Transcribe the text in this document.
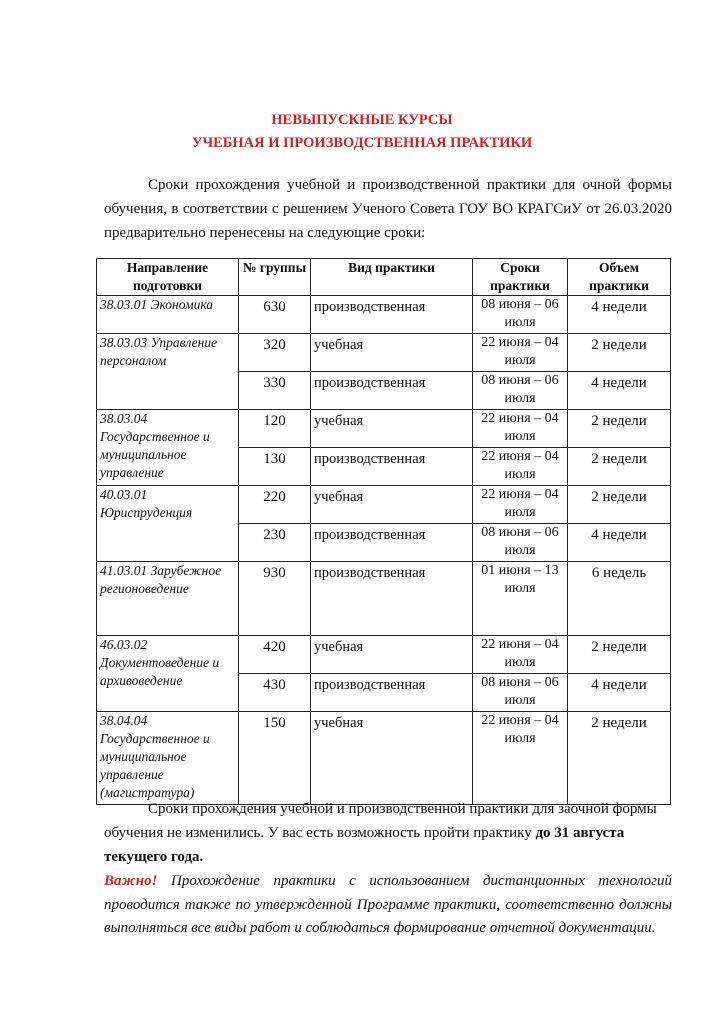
НЕВЫПУСКНЫЕ КУРСЫ
УЧЕБНАЯ И ПРОИЗВОДСТВЕННАЯ ПРАКТИКИ

Сроки прохождения учебной и производственной практики для очной формы обучения, в соответствии с решением Ученого Совета ГОУ ВО КРАГСиУ от 26.03.2020 предварительно перенесены на следующие сроки:

Направление подготовки	№ группы	Вид практики	Сроки практики	Объем практики
38.03.01 Экономика	630	производственная	08 июня – 06 июля	4 недели
38.03.03 Управление персоналом	320	учебная	22 июня – 04 июля	2 недели
	330	производственная	08 июня – 06 июля	4 недели
38.03.04 Государственное и муниципальное управление	120	учебная	22 июня – 04 июля	2 недели
	130	производственная	22 июня – 04 июля	2 недели
40.03.01 Юриспруденция	220	учебная	22 июня – 04 июля	2 недели
	230	производственная	08 июня – 06 июля	4 недели
41.03.01 Зарубежное регионоведение	930	производственная	01 июня – 13 июля	6 недель
46.03.02 Документоведение и архивоведение	420	учебная	22 июня – 04 июля	2 недели
	430	производственная	08 июня – 06 июля	4 недели
38.04.04 Государственное и муниципальное управление (магистратура)	150	учебная	22 июня – 04 июля	2 недели

Сроки прохождения учебной и производственной практики для заочной формы обучения не изменились. У вас есть возможность пройти практику до 31 августа текущего года.

Важно! Прохождение практики с использованием дистанционных технологий проводится также по утвержденной Программе практики, соответственно должны выполняться все виды работ и соблюдаться формирование отчетной документации.
